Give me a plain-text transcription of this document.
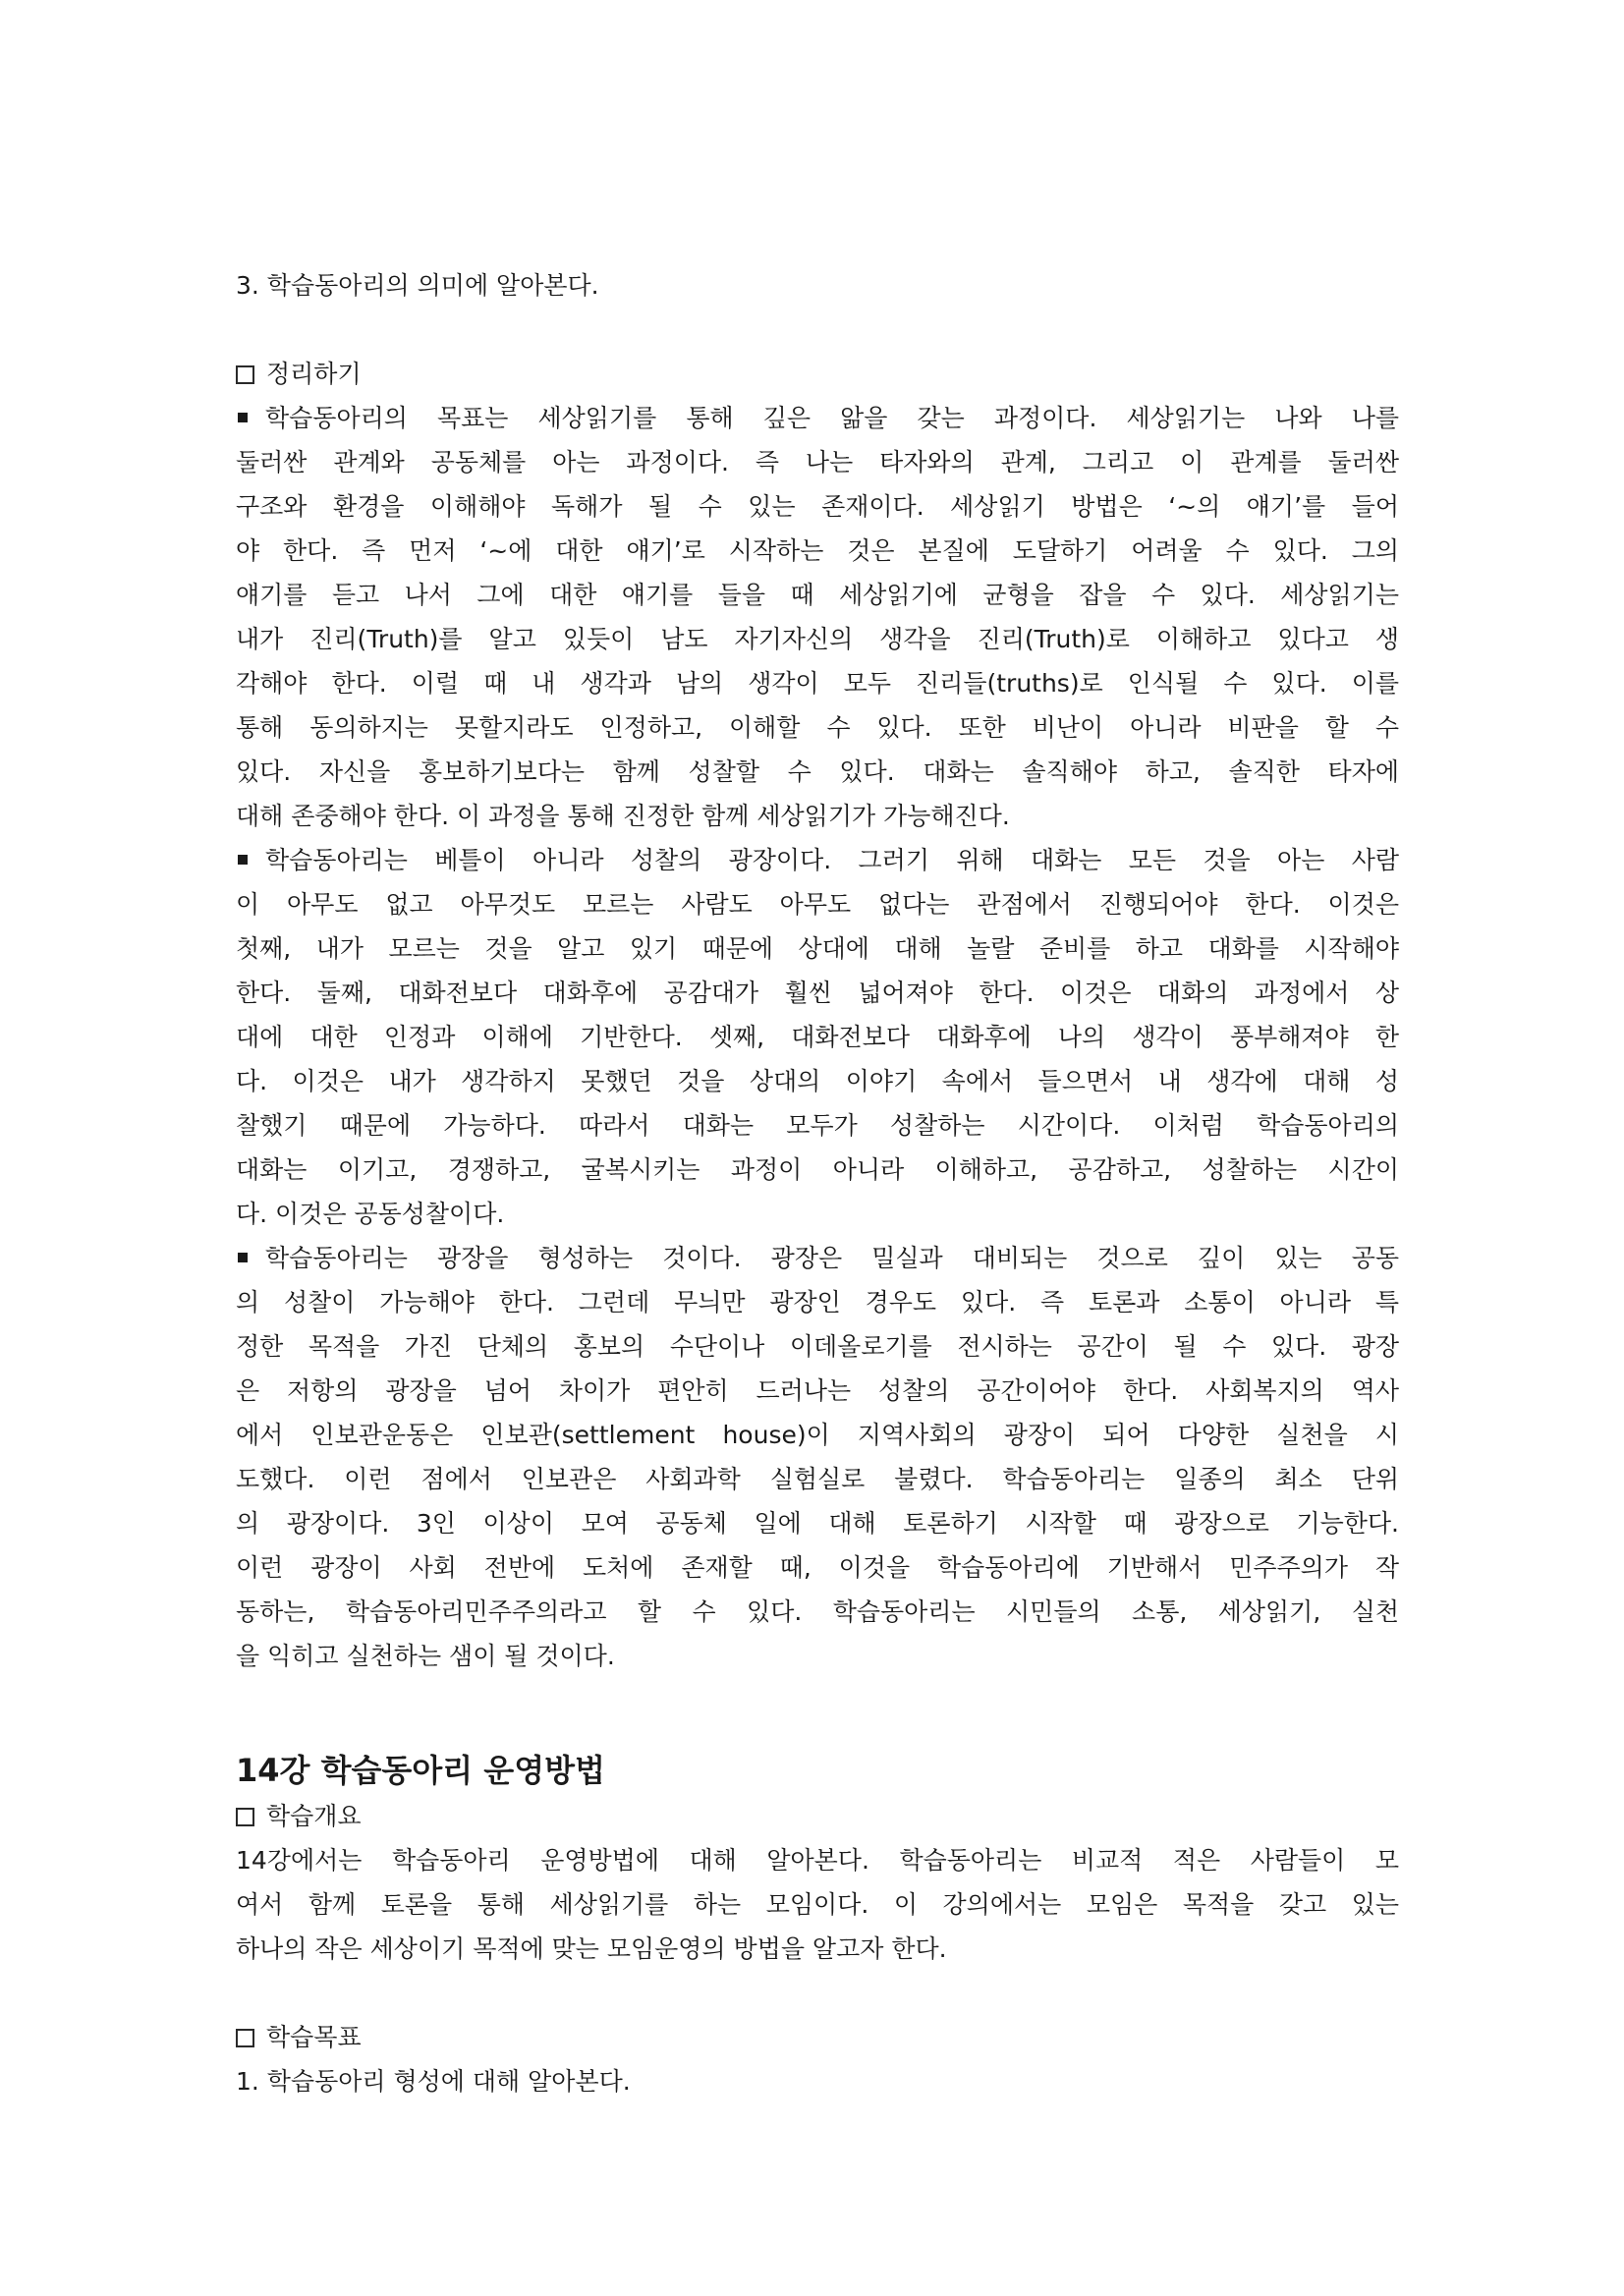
3. 학습동아리의 의미에 알아본다.

정리하기

학습동아리의 목표는 세상읽기를 통해 깊은 앎을 갖는 과정이다. 세상읽기는 나와 나를

둘러싼 관계와 공동체를 아는 과정이다. 즉 나는 타자와의 관계, 그리고 이 관계를 둘러싼

구조와 환경을 이해해야 독해가 될 수 있는 존재이다. 세상읽기 방법은 ‘~의 얘기’를 들어

야 한다. 즉 먼저 ‘~에 대한 얘기’로 시작하는 것은 본질에 도달하기 어려울 수 있다. 그의

얘기를 듣고 나서 그에 대한 얘기를 들을 때 세상읽기에 균형을 잡을 수 있다. 세상읽기는

내가 진리(Truth)를 알고 있듯이 남도 자기자신의 생각을 진리(Truth)로 이해하고 있다고 생

각해야 한다. 이럴 때 내 생각과 남의 생각이 모두 진리들(truths)로 인식될 수 있다. 이를

통해 동의하지는 못할지라도 인정하고, 이해할 수 있다. 또한 비난이 아니라 비판을 할 수

있다. 자신을 홍보하기보다는 함께 성찰할 수 있다. 대화는 솔직해야 하고, 솔직한 타자에

대해 존중해야 한다. 이 과정을 통해 진정한 함께 세상읽기가 가능해진다.

학습동아리는 베틀이 아니라 성찰의 광장이다. 그러기 위해 대화는 모든 것을 아는 사람

이 아무도 없고 아무것도 모르는 사람도 아무도 없다는 관점에서 진행되어야 한다. 이것은

첫째, 내가 모르는 것을 알고 있기 때문에 상대에 대해 놀랄 준비를 하고 대화를 시작해야

한다. 둘째, 대화전보다 대화후에 공감대가 훨씬 넓어져야 한다. 이것은 대화의 과정에서 상

대에 대한 인정과 이해에 기반한다. 셋째, 대화전보다 대화후에 나의 생각이 풍부해져야 한

다. 이것은 내가 생각하지 못했던 것을 상대의 이야기 속에서 들으면서 내 생각에 대해 성

찰했기 때문에 가능하다. 따라서 대화는 모두가 성찰하는 시간이다. 이처럼 학습동아리의

대화는 이기고, 경쟁하고, 굴복시키는 과정이 아니라 이해하고, 공감하고, 성찰하는 시간이

다. 이것은 공동성찰이다.

학습동아리는 광장을 형성하는 것이다. 광장은 밀실과 대비되는 것으로 깊이 있는 공동

의 성찰이 가능해야 한다. 그런데 무늬만 광장인 경우도 있다. 즉 토론과 소통이 아니라 특

정한 목적을 가진 단체의 홍보의 수단이나 이데올로기를 전시하는 공간이 될 수 있다. 광장

은 저항의 광장을 넘어 차이가 편안히 드러나는 성찰의 공간이어야 한다. 사회복지의 역사

에서 인보관운동은 인보관(settlement house)이 지역사회의 광장이 되어 다양한 실천을 시

도했다. 이런 점에서 인보관은 사회과학 실험실로 불렸다. 학습동아리는 일종의 최소 단위

의 광장이다. 3인 이상이 모여 공동체 일에 대해 토론하기 시작할 때 광장으로 기능한다.

이런 광장이 사회 전반에 도처에 존재할 때, 이것을 학습동아리에 기반해서 민주주의가 작

동하는, 학습동아리민주주의라고 할 수 있다. 학습동아리는 시민들의 소통, 세상읽기, 실천

을 익히고 실천하는 샘이 될 것이다.

14강 학습동아리 운영방법

학습개요

14강에서는 학습동아리 운영방법에 대해 알아본다. 학습동아리는 비교적 적은 사람들이 모

여서 함께 토론을 통해 세상읽기를 하는 모임이다. 이 강의에서는 모임은 목적을 갖고 있는

하나의 작은 세상이기 목적에 맞는 모임운영의 방법을 알고자 한다.

학습목표

1. 학습동아리 형성에 대해 알아본다.
